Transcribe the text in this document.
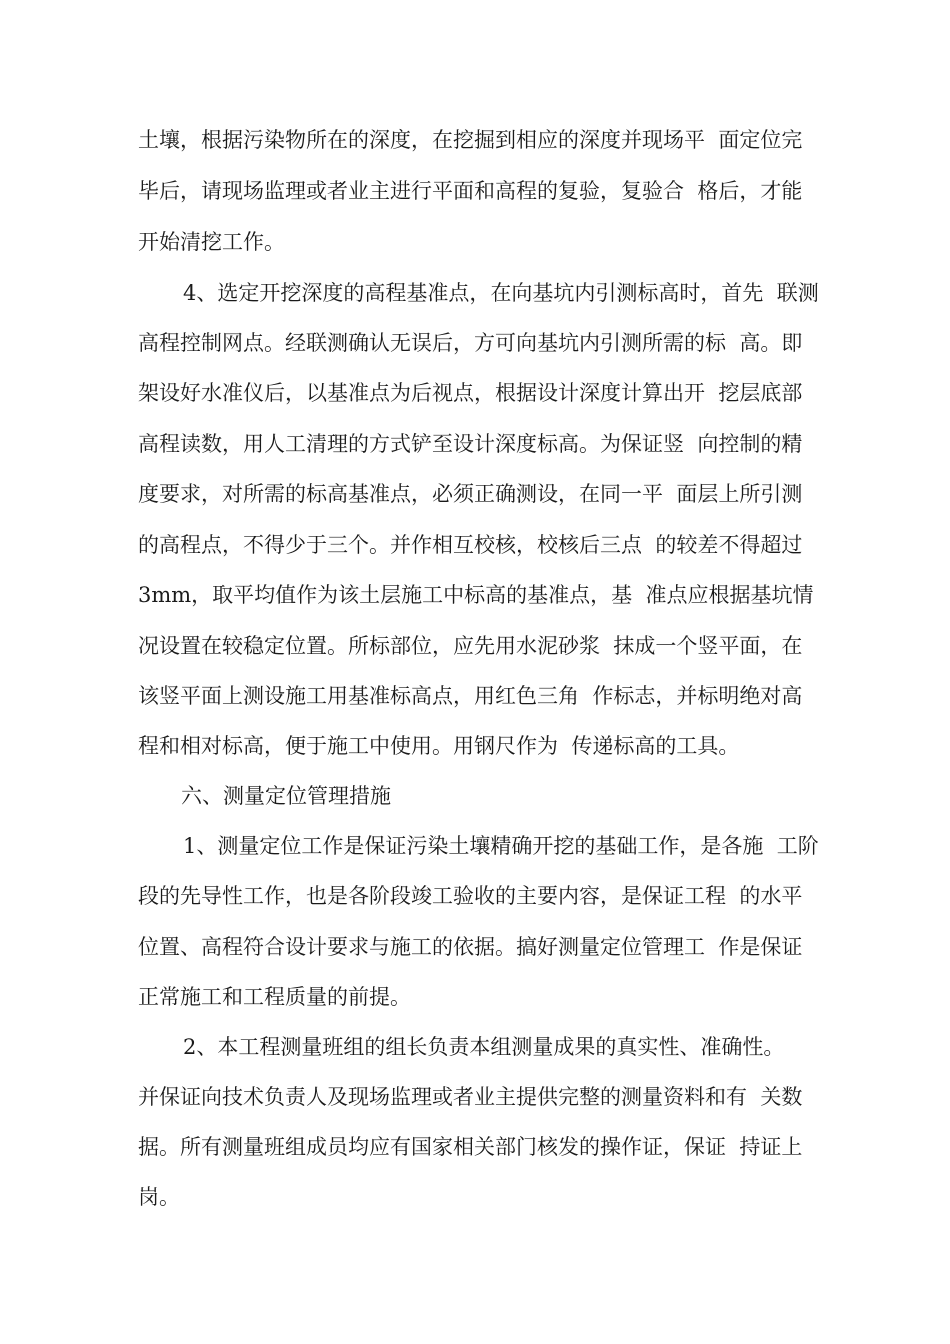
土壤，根据污染物所在的深度，在挖掘到相应的深度并现场平  面定位完
毕后，请现场监理或者业主进行平面和高程的复验，复验合  格后，才能
开始清挖工作。
4、选定开挖深度的高程基准点，在向基坑内引测标高时，首先  联测
高程控制网点。经联测确认无误后，方可向基坑内引测所需的标  高。即
架设好水准仪后，以基准点为后视点，根据设计深度计算出开  挖层底部
高程读数，用人工清理的方式铲至设计深度标高。为保证竖  向控制的精
度要求，对所需的标高基准点，必须正确测设，在同一平  面层上所引测
的高程点，不得少于三个。并作相互校核，校核后三点  的较差不得超过
3mm，取平均值作为该土层施工中标高的基准点，基  准点应根据基坑情
况设置在较稳定位置。所标部位，应先用水泥砂浆  抹成一个竖平面，在
该竖平面上测设施工用基准标高点，用红色三角  作标志，并标明绝对高
程和相对标高，便于施工中使用。用钢尺作为  传递标高的工具。
六、测量定位管理措施
1、测量定位工作是保证污染土壤精确开挖的基础工作，是各施  工阶
段的先导性工作，也是各阶段竣工验收的主要内容，是保证工程  的水平
位置、高程符合设计要求与施工的依据。搞好测量定位管理工  作是保证
正常施工和工程质量的前提。
2、本工程测量班组的组长负责本组测量成果的真实性、准确性。
并保证向技术负责人及现场监理或者业主提供完整的测量资料和有  关数
据。所有测量班组成员均应有国家相关部门核发的操作证，保证  持证上
岗。
